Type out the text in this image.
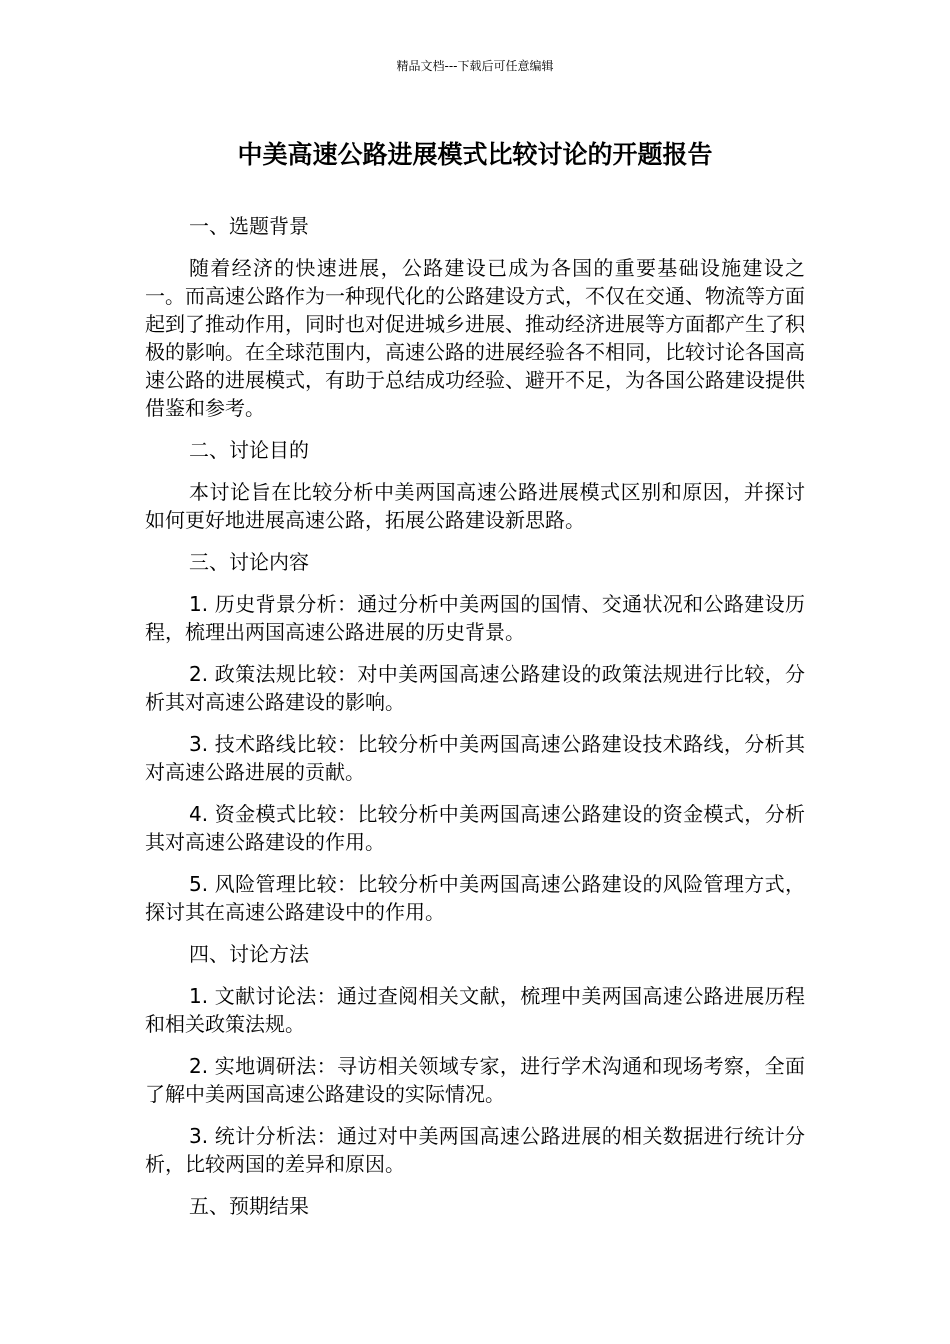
精品文档---下载后可任意编辑
中美高速公路进展模式比较讨论的开题报告

一、选题背景

随着经济的快速进展，公路建设已成为各国的重要基础设施建设之一。而高速公路作为一种现代化的公路建设方式，不仅在交通、物流等方面起到了推动作用，同时也对促进城乡进展、推动经济进展等方面都产生了积极的影响。在全球范围内，高速公路的进展经验各不相同，比较讨论各国高速公路的进展模式，有助于总结成功经验、避开不足，为各国公路建设提供借鉴和参考。

二、讨论目的

本讨论旨在比较分析中美两国高速公路进展模式区别和原因，并探讨如何更好地进展高速公路，拓展公路建设新思路。

三、讨论内容

1. 历史背景分析：通过分析中美两国的国情、交通状况和公路建设历程，梳理出两国高速公路进展的历史背景。

2. 政策法规比较：对中美两国高速公路建设的政策法规进行比较，分析其对高速公路建设的影响。

3. 技术路线比较：比较分析中美两国高速公路建设技术路线，分析其对高速公路进展的贡献。

4. 资金模式比较：比较分析中美两国高速公路建设的资金模式，分析其对高速公路建设的作用。

5. 风险管理比较：比较分析中美两国高速公路建设的风险管理方式，探讨其在高速公路建设中的作用。

四、讨论方法

1. 文献讨论法：通过查阅相关文献，梳理中美两国高速公路进展历程和相关政策法规。

2. 实地调研法：寻访相关领域专家，进行学术沟通和现场考察，全面了解中美两国高速公路建设的实际情况。

3. 统计分析法：通过对中美两国高速公路进展的相关数据进行统计分析，比较两国的差异和原因。

五、预期结果
